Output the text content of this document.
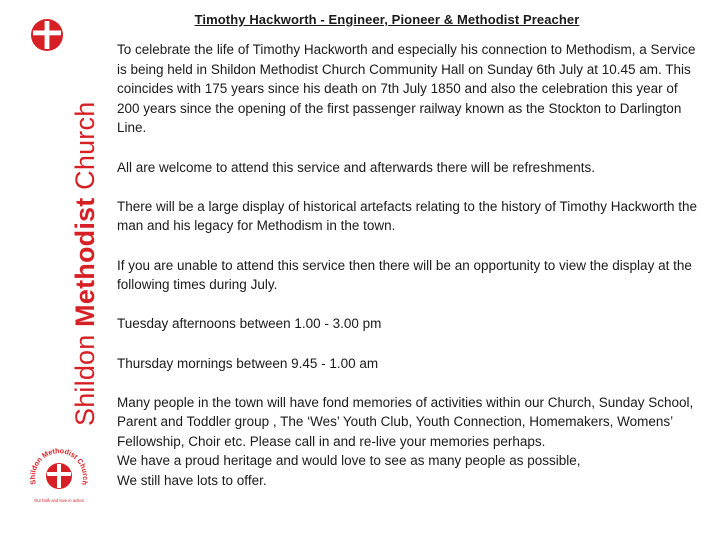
Shildon Methodist Church
Shildon Methodist Church
Our faith and love in action
Timothy Hackworth - Engineer, Pioneer & Methodist Preacher

To celebrate the life of Timothy Hackworth and especially his connection to Methodism, a Service is being held in Shildon Methodist Church Community Hall on Sunday 6th July at 10.45 am. This coincides with 175 years since his death on 7th July 1850 and also the celebration this year of 200 years since the opening of the first passenger railway known as the Stockton to Darlington Line.

All are welcome to attend this service and afterwards there will be refreshments.

There will be a large display of historical artefacts relating to the history of Timothy Hackworth the man and his legacy for Methodism in the town.

If you are unable to attend this service then there will be an opportunity to view the display at the following times during July.

Tuesday afternoons between 1.00 - 3.00 pm

Thursday mornings between 9.45 - 1.00 am

Many people in the town will have fond memories of activities within our Church, Sunday School, Parent and Toddler group , The ‘Wes’ Youth Club, Youth Connection, Homemakers, Womens’ Fellowship, Choir etc. Please call in and re-live your memories perhaps.

We have a proud heritage and would love to see as many people as possible,

We still have lots to offer.
